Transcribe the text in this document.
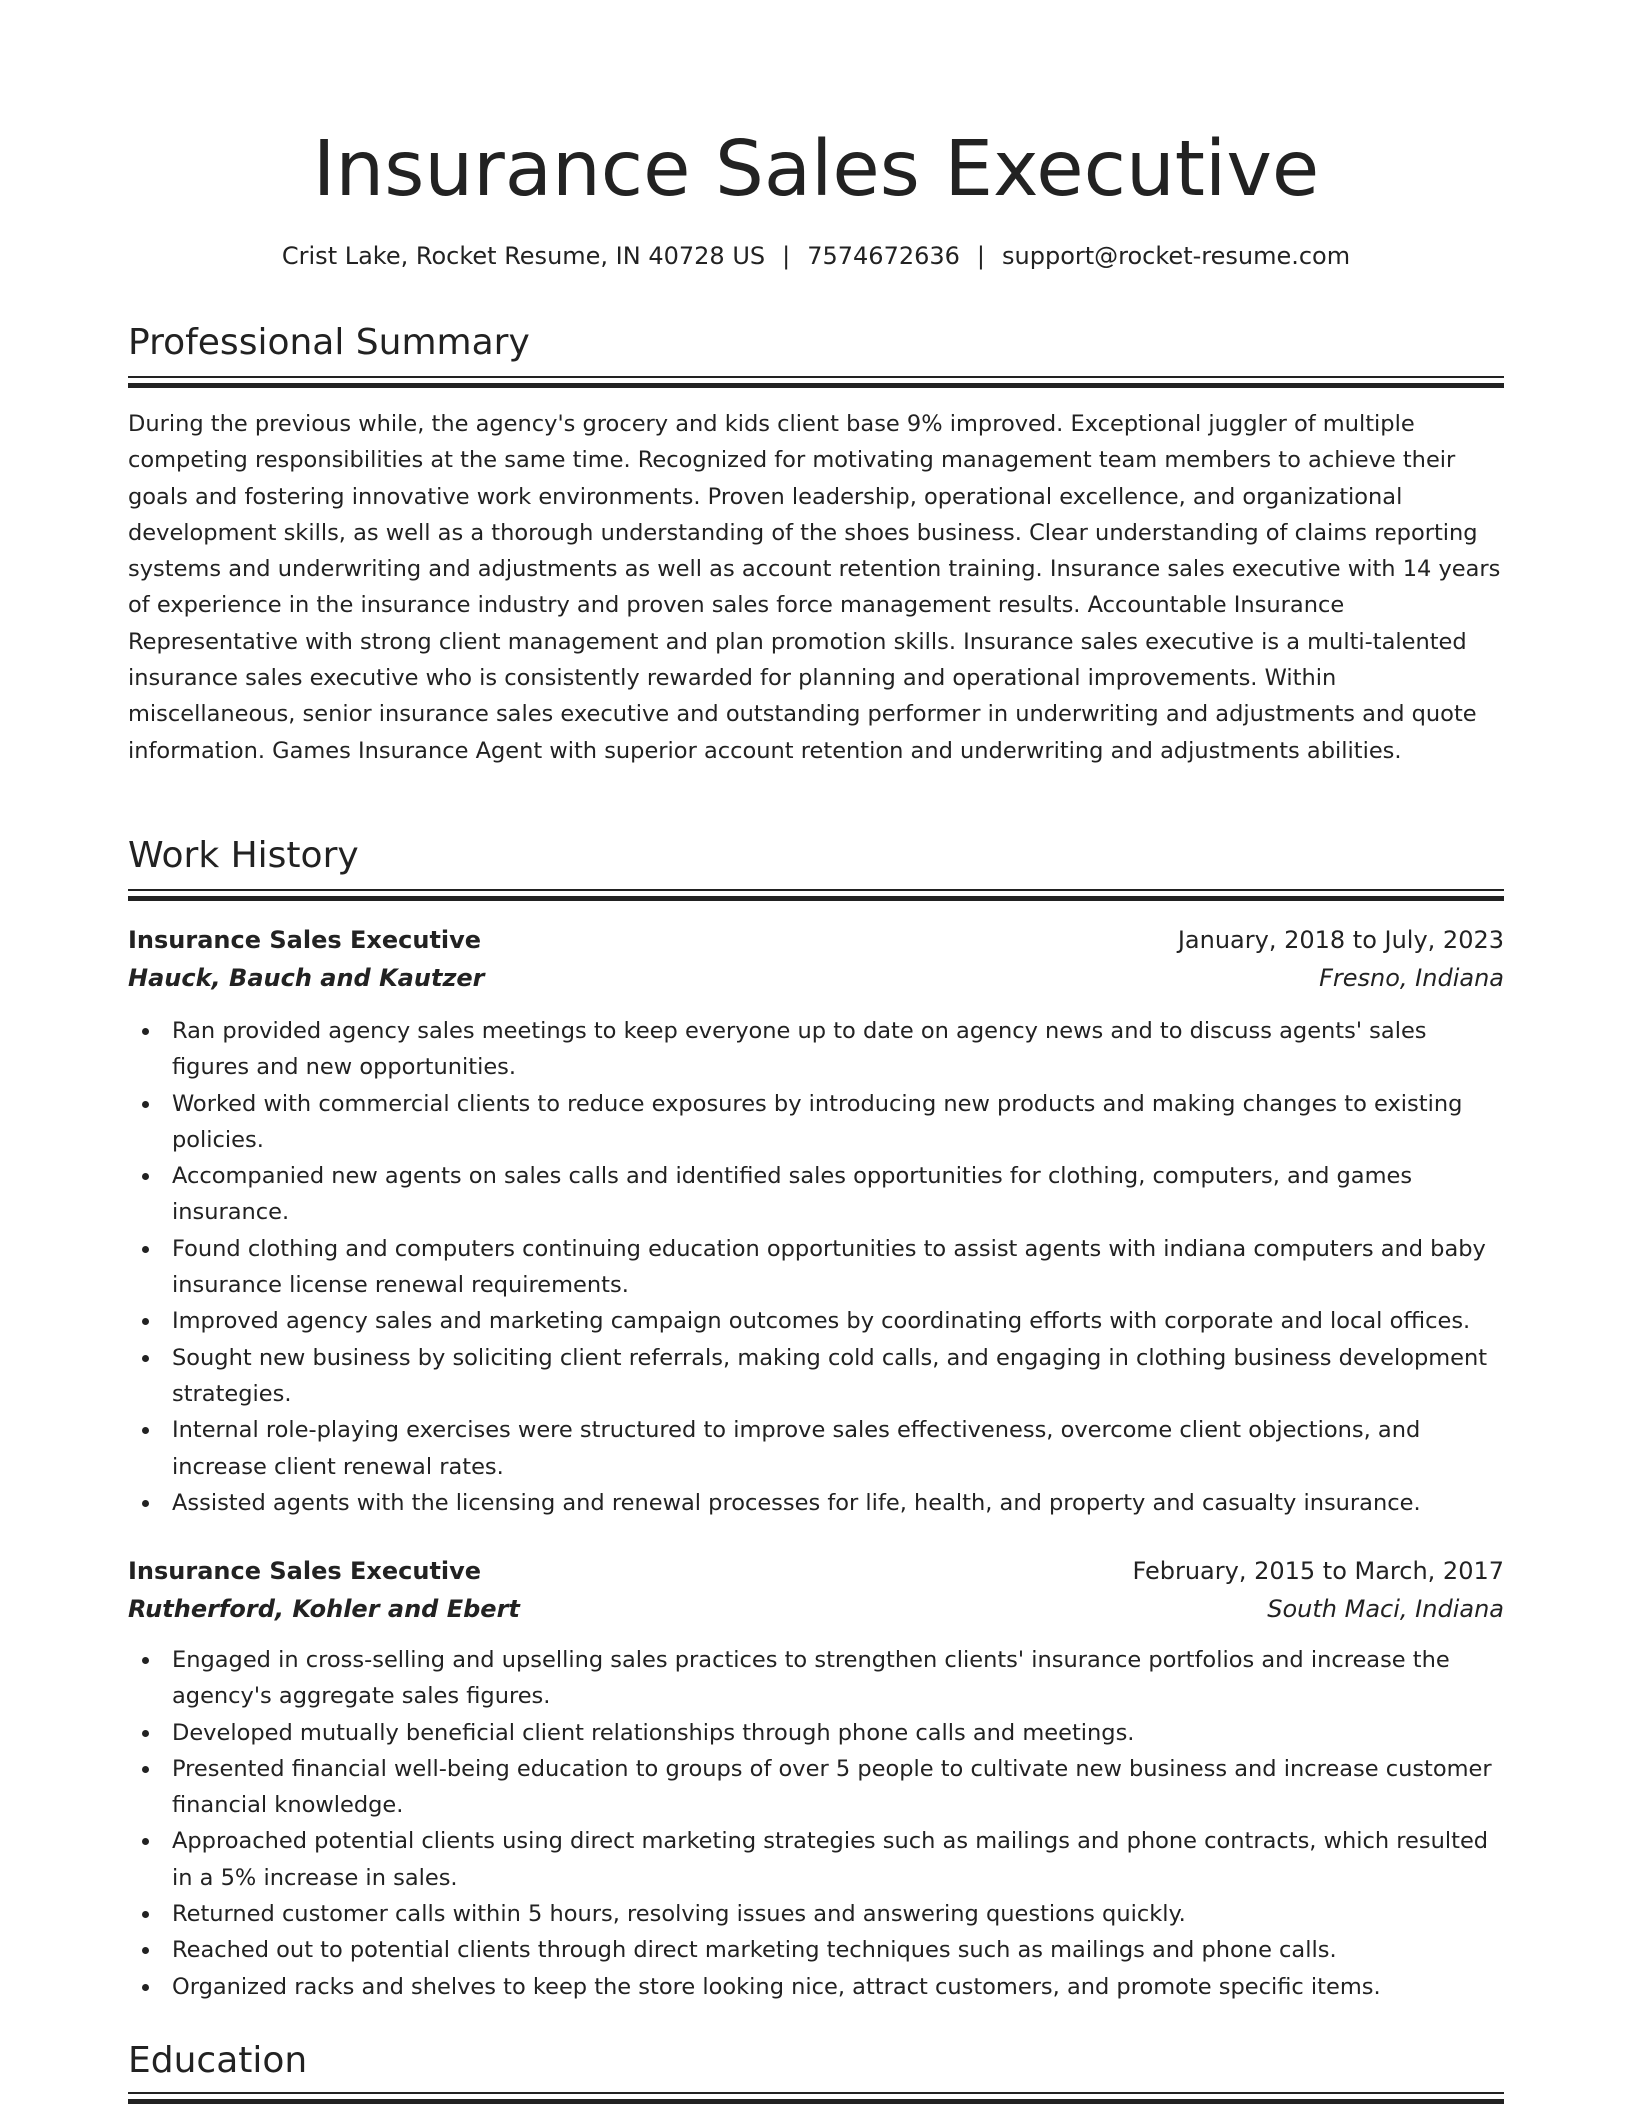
Insurance Sales Executive
Crist Lake, Rocket Resume, IN 40728 US | 7574672636 | support@rocket-resume.com
Professional Summary

During the previous while, the agency's grocery and kids client base 9% improved. Exceptional juggler of multiple competing responsibilities at the same time. Recognized for motivating management team members to achieve their goals and fostering innovative work environments. Proven leadership, operational excellence, and organizational development skills, as well as a thorough understanding of the shoes business. Clear understanding of claims reporting systems and underwriting and adjustments as well as account retention training. Insurance sales executive with 14 years of experience in the insurance industry and proven sales force management results. Accountable Insurance Representative with strong client management and plan promotion skills. Insurance sales executive is a multi-talented insurance sales executive who is consistently rewarded for planning and operational improvements. Within miscellaneous, senior insurance sales executive and outstanding performer in underwriting and adjustments and quote information. Games Insurance Agent with superior account retention and underwriting and adjustments abilities.

Work History
Insurance Sales Executive	January, 2018 to July, 2023
Hauck, Bauch and Kautzer	Fresno, Indiana
Ran provided agency sales meetings to keep everyone up to date on agency news and to discuss agents' sales figures and new opportunities.
Worked with commercial clients to reduce exposures by introducing new products and making changes to existing policies.
Accompanied new agents on sales calls and identified sales opportunities for clothing, computers, and games insurance.
Found clothing and computers continuing education opportunities to assist agents with indiana computers and baby insurance license renewal requirements.
Improved agency sales and marketing campaign outcomes by coordinating efforts with corporate and local offices.
Sought new business by soliciting client referrals, making cold calls, and engaging in clothing business development strategies.
Internal role-playing exercises were structured to improve sales effectiveness, overcome client objections, and increase client renewal rates.
Assisted agents with the licensing and renewal processes for life, health, and property and casualty insurance.
Insurance Sales Executive	February, 2015 to March, 2017
Rutherford, Kohler and Ebert	South Maci, Indiana
Engaged in cross-selling and upselling sales practices to strengthen clients' insurance portfolios and increase the agency's aggregate sales figures.
Developed mutually beneficial client relationships through phone calls and meetings.
Presented financial well-being education to groups of over 5 people to cultivate new business and increase customer financial knowledge.
Approached potential clients using direct marketing strategies such as mailings and phone contracts, which resulted in a 5% increase in sales.
Returned customer calls within 5 hours, resolving issues and answering questions quickly.
Reached out to potential clients through direct marketing techniques such as mailings and phone calls.
Organized racks and shelves to keep the store looking nice, attract customers, and promote specific items.
Education
